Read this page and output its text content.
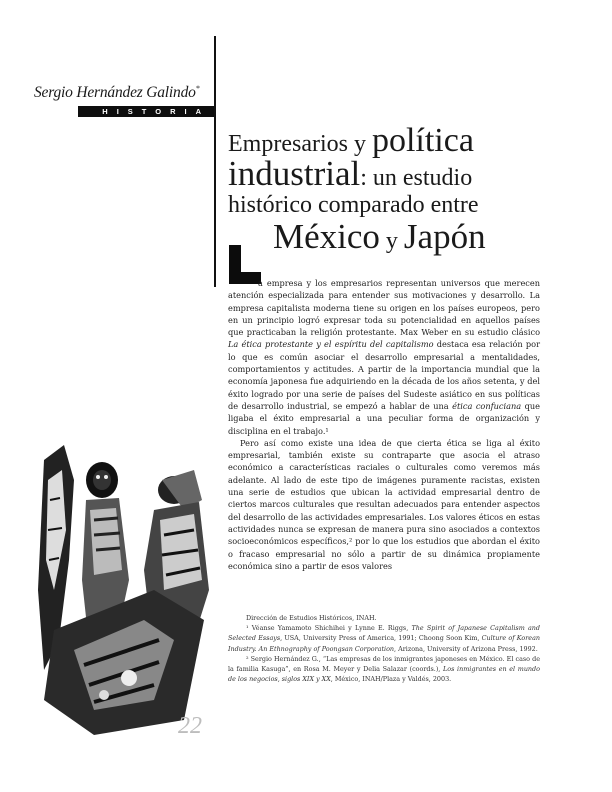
Sergio Hernández Galindo*
HISTORIA
Empresarios y política
industrial: un estudio
histórico comparado entre
México y Japón

a empresa y los empresarios representan universos que merecen atención especializada para entender sus motivaciones y desarrollo. La empresa capitalista moderna tiene su origen en los países europeos, pero en un principio logró expresar toda su potencialidad en aquellos países que practicaban la religión protestante. Max Weber en su estudio clásico La ética protestante y el espíritu del capitalismo destaca esa relación por lo que es común asociar el desarrollo empresarial a mentalidades, comportamientos y actitudes. A partir de la importancia mundial que la economía japonesa fue adquiriendo en la década de los años setenta, y del éxito logrado por una serie de países del Sudeste asiático en sus políticas de desarrollo industrial, se empezó a hablar de una ética confuciana que ligaba el éxito empresarial a una peculiar forma de organización y disciplina en el trabajo.¹

Pero así como existe una idea de que cierta ética se liga al éxito empresarial, también existe su contraparte que asocia el atraso económico a características raciales o culturales como veremos más adelante. Al lado de este tipo de imágenes puramente racistas, existen una serie de estudios que ubican la actividad empresarial dentro de ciertos marcos culturales que resultan adecuados para entender aspectos del desarrollo de las actividades empresariales. Los valores éticos en estas actividades nunca se expresan de manera pura sino asociados a contextos socioeconómicos específicos,² por lo que los estudios que abordan el éxito o fracaso empresarial no sólo a partir de su dinámica propiamente económica sino a partir de esos valores

Dirección de Estudios Históricos, INAH.

¹ Véanse Yamamoto Shichihei y Lynne E. Riggs, The Spirit of Japanese Capitalism and Selected Essays, USA, University Press of America, 1991; Choong Soon Kim, Culture of Korean Industry. An Ethnography of Poongsan Corporation, Arizona, University of Arizona Press, 1992.

² Sergio Hernández G., “Las empresas de los inmigrantes japoneses en México. El caso de la familia Kasuga”, en Rosa M. Meyer y Delia Salazar (coords.), Los inmigrantes en el mundo de los negocios, siglos XIX y XX, México, INAH/Plaza y Valdés, 2003.

22
